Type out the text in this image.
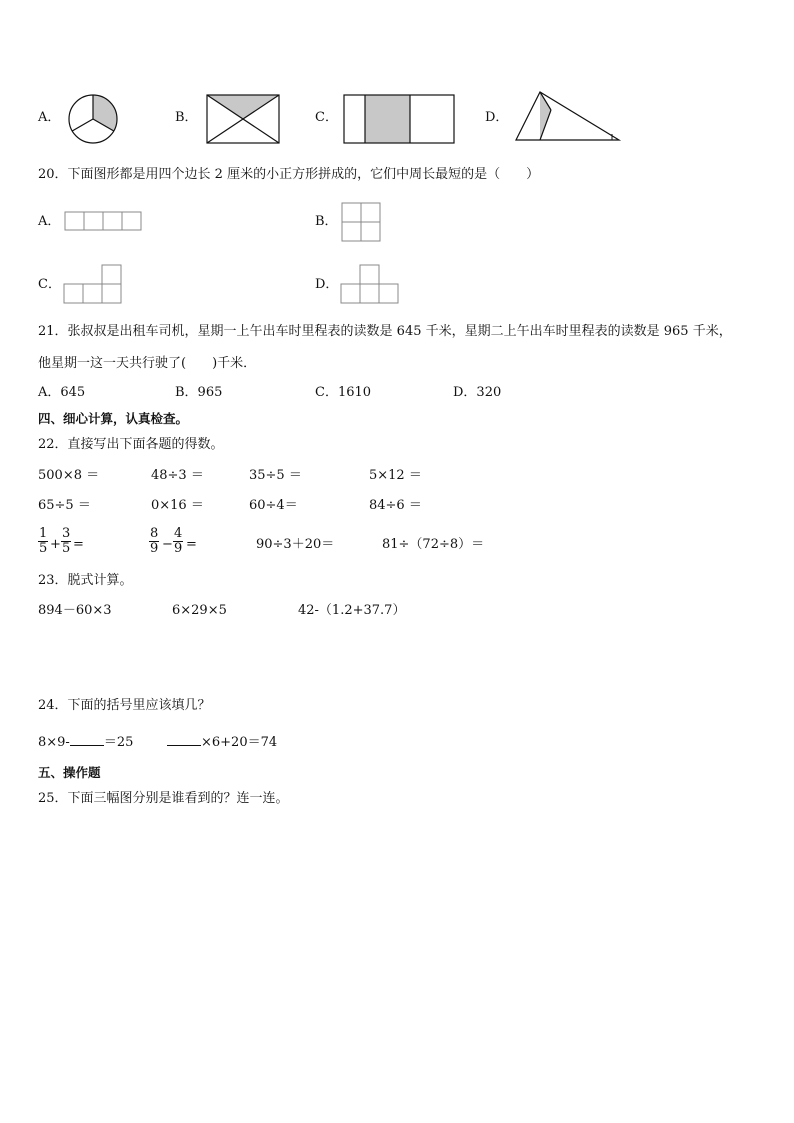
A．	B．	C．	D．
20．下面图形都是用四个边长 2 厘米的小正方形拼成的，它们中周长最短的是（　　）
A．	B．
C．	D．
21．张叔叔是出租车司机，星期一上午出车时里程表的读数是 645 千米，星期二上午出车时里程表的读数是 965 千米，
他星期一这一天共行驶了(　　)千米．
A．645	B．965	C．1610	D．320
四、细心计算，认真检查。
22．直接写出下面各题的得数。
500×8 ＝	48÷3 ＝	35÷5 ＝	5×12 ＝
65÷5 ＝	0×16 ＝	60÷4＝	84÷6 ＝
$\frac{1}{5} + \frac{3}{5}$ =	$\frac{8}{9} - \frac{4}{9}$ =	90÷3＋20＝	81÷（72÷8）＝
23．脱式计算。
894－60×3	6×29×5	42-（1.2+37.7）
24．下面的括号里应该填几？
8×9-	＝25	×6+20＝74
五、操作题
25．下面三幅图分别是谁看到的？连一连。
